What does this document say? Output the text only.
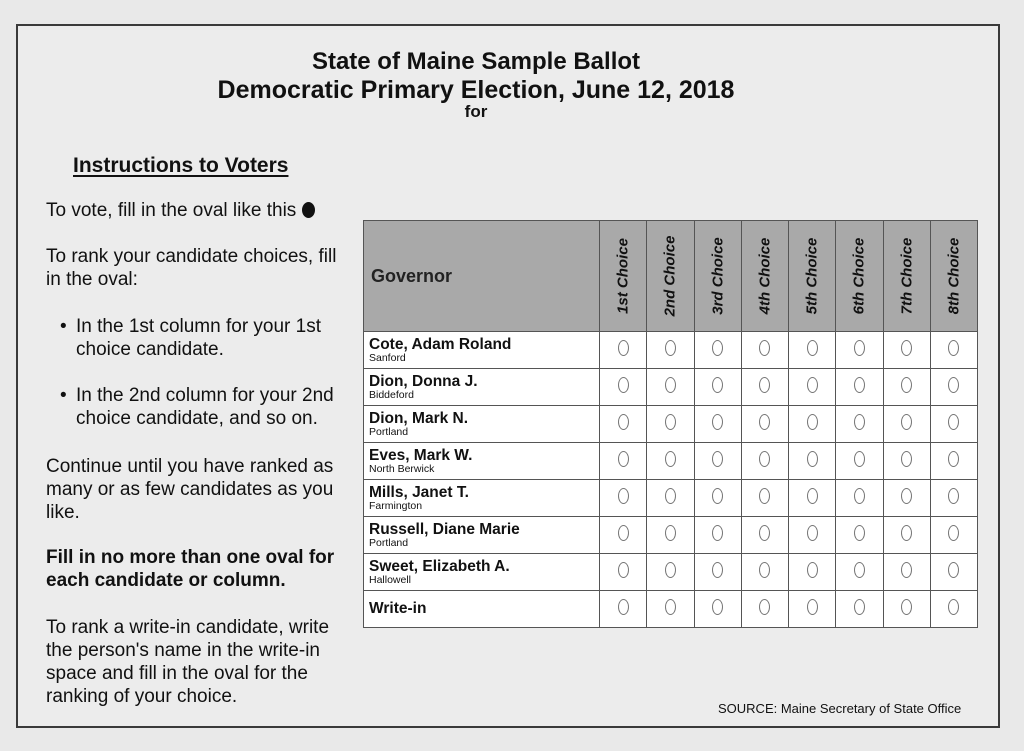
State of Maine Sample Ballot
Democratic Primary Election, June 12, 2018
for
Instructions to Voters
To vote, fill in the oval like this
To rank your candidate choices, fill in the oval:
• In the 1st column for your 1st choice candidate.
• In the 2nd column for your 2nd choice candidate, and so on.
Continue until you have ranked as many or as few candidates as you like.
Fill in no more than one oval for each candidate or column.
To rank a write-in candidate, write the person's name in the write-in space and fill in the oval for the ranking of your choice.
Governor	1st Choice	2nd Choice	3rd Choice	4th Choice	5th Choice	6th Choice	7th Choice	8th Choice

Cote, Adam Roland
Sanford								

Dion, Donna J.
Biddeford								

Dion, Mark N.
Portland								

Eves, Mark W.
North Berwick								

Mills, Janet T.
Farmington								

Russell, Diane Marie
Portland								

Sweet, Elizabeth A.
Hallowell								

Write-in								

SOURCE: Maine Secretary of State Office
